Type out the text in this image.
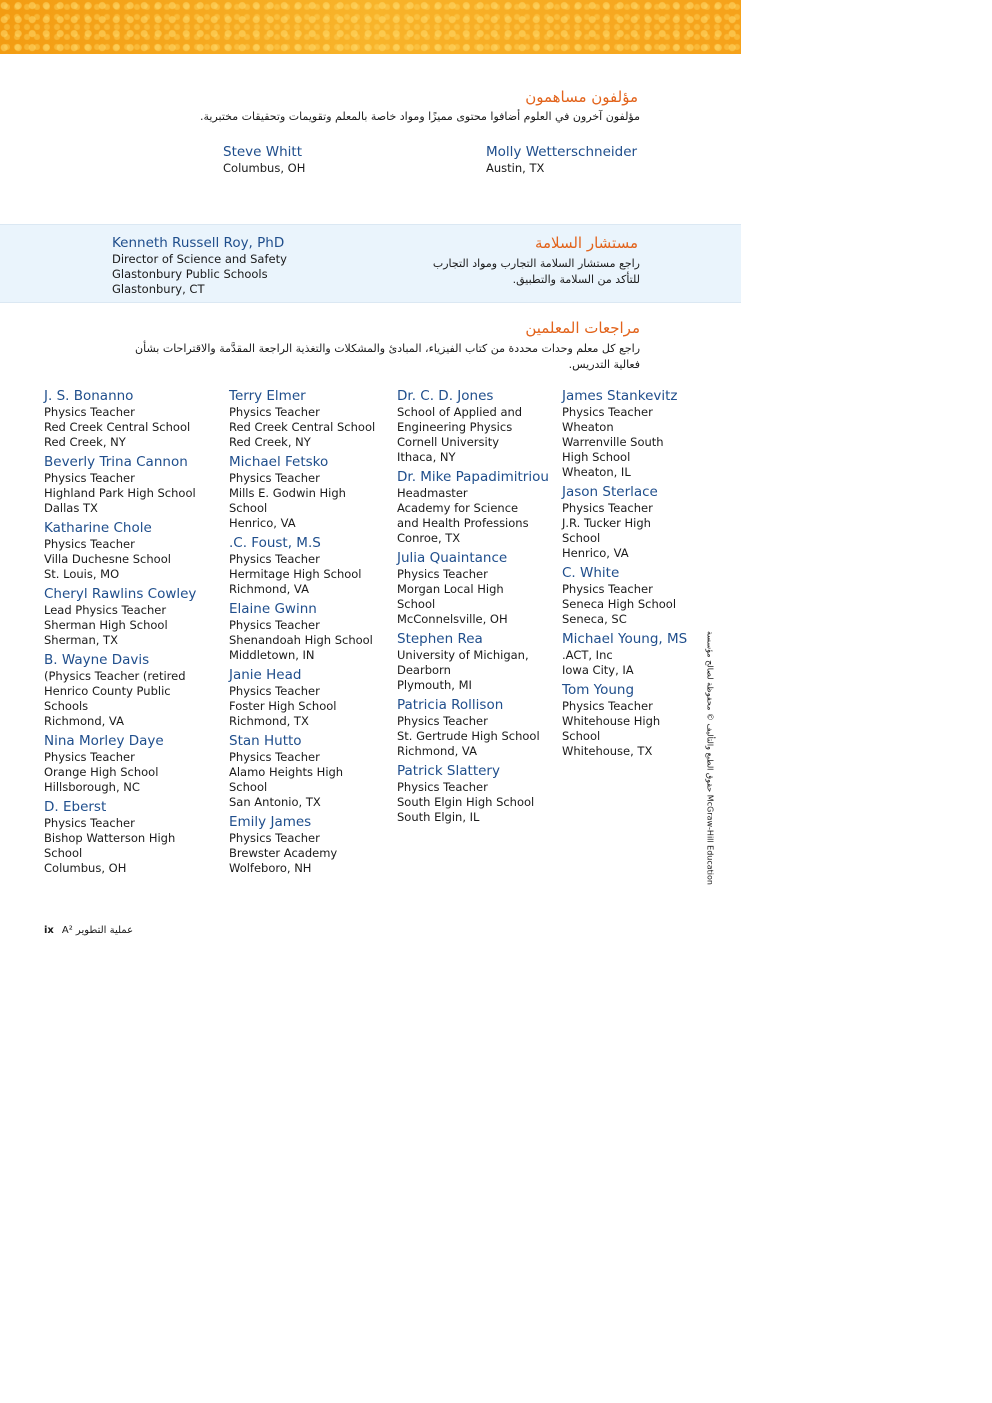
مؤلفون مساهمون
مؤلفون آخرون في العلوم أضافوا محتوى مميزًا ومواد خاصة بالمعلم وتقويمات وتحقيقات مختبرية.
Steve Whitt
Columbus, OH
Molly Wetterschneider
Austin, TX
Kenneth Russell Roy, PhD
Director of Science and Safety
Glastonbury Public Schools
Glastonbury, CT
مستشار السلامة
راجع مستشار السلامة التجارب ومواد التجارب
للتأكد من السلامة والتطبيق.
مراجعات المعلمين
راجع كل معلم وحدات محددة من كتاب الفيزياء، المبادئ والمشكلات والتغذية الراجعة المقدَّمة والاقتراحات بشأن
فعالية التدريس.
J. S. Bonanno
Physics Teacher
Red Creek Central School
Red Creek, NY
Beverly Trina Cannon
Physics Teacher
Highland Park High School
Dallas TX
Katharine Chole
Physics Teacher
Villa Duchesne School
St. Louis, MO
Cheryl Rawlins Cowley
Lead Physics Teacher
Sherman High School
Sherman, TX
B. Wayne Davis
(Physics Teacher (retired
Henrico County Public
Schools
Richmond, VA
Nina Morley Daye
Physics Teacher
Orange High School
Hillsborough, NC
D. Eberst
Physics Teacher
Bishop Watterson High
School
Columbus, OH
Terry Elmer
Physics Teacher
Red Creek Central School
Red Creek, NY
Michael Fetsko
Physics Teacher
Mills E. Godwin High
School
Henrico, VA
.C. Foust, M.S
Physics Teacher
Hermitage High School
Richmond, VA
Elaine Gwinn
Physics Teacher
Shenandoah High School
Middletown, IN
Janie Head
Physics Teacher
Foster High School
Richmond, TX
Stan Hutto
Physics Teacher
Alamo Heights High
School
San Antonio, TX
Emily James
Physics Teacher
Brewster Academy
Wolfeboro, NH
Dr. C. D. Jones
School of Applied and
Engineering Physics
Cornell University
Ithaca, NY
Dr. Mike Papadimitriou
Headmaster
Academy for Science
and Health Professions
Conroe, TX
Julia Quaintance
Physics Teacher
Morgan Local High
School
McConnelsville, OH
Stephen Rea
University of Michigan,
Dearborn
Plymouth, MI
Patricia Rollison
Physics Teacher
St. Gertrude High School
Richmond, VA
Patrick Slattery
Physics Teacher
South Elgin High School
South Elgin, IL
James Stankevitz
Physics Teacher
Wheaton
Warrenville South
High School
Wheaton, IL
Jason Sterlace
Physics Teacher
J.R. Tucker High
School
Henrico, VA
C. White
Physics Teacher
Seneca High School
Seneca, SC
Michael Young, MS
.ACT, Inc
Iowa City, IA
Tom Young
Physics Teacher
Whitehouse High
School
Whitehouse, TX	حقوق الطبع والتأليف © محفوظة لصالح مؤسسة McGraw-Hill Education
ix A² عملية التطوير
